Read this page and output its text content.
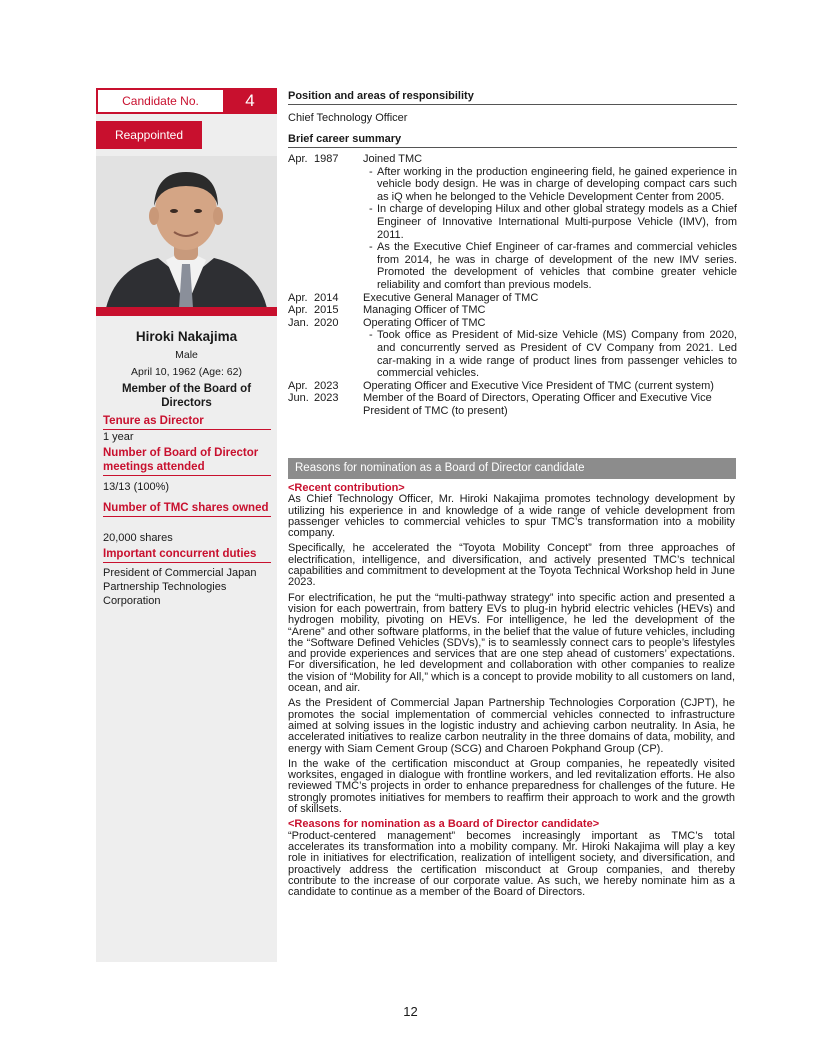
Candidate No.	4
Reappointed
Hiroki Nakajima
Male
April 10, 1962 (Age: 62)
Member of the Board of Directors
Tenure as Director
1 year
Number of Board of Director meetings attended
13/13 (100%)
Number of TMC shares owned
20,000 shares
Important concurrent duties
President of Commercial Japan Partnership Technologies Corporation
Position and areas of responsibility
Chief Technology Officer
Brief career summary
Apr. 1987 Joined TMC
- After working in the production engineering field, he gained experience in vehicle body design. He was in charge of developing compact cars such as iQ when he belonged to the Vehicle Development Center from 2005.
- In charge of developing Hilux and other global strategy models as a Chief Engineer of Innovative International Multi-purpose Vehicle (IMV), from 2011.
- As the Executive Chief Engineer of car-frames and commercial vehicles from 2014, he was in charge of development of the new IMV series. Promoted the development of vehicles that combine greater vehicle reliability and comfort than previous models.
Apr. 2014 Executive General Manager of TMC
Apr. 2015 Managing Officer of TMC
Jan. 2020 Operating Officer of TMC
- Took office as President of Mid-size Vehicle (MS) Company from 2020, and concurrently served as President of CV Company from 2021. Led car-making in a wide range of product lines from passenger vehicles to commercial vehicles.
Apr. 2023 Operating Officer and Executive Vice President of TMC (current system)
Jun. 2023 Member of the Board of Directors, Operating Officer and Executive Vice President of TMC (to present)
Reasons for nomination as a Board of Director candidate
<Recent contribution>

As Chief Technology Officer, Mr. Hiroki Nakajima promotes technology development by utilizing his experience in and knowledge of a wide range of vehicle development from passenger vehicles to commercial vehicles to spur TMC’s transformation into a mobility company.

Specifically, he accelerated the “Toyota Mobility Concept” from three approaches of electrification, intelligence, and diversification, and actively presented TMC’s technical capabilities and commitment to development at the Toyota Technical Workshop held in June 2023.

For electrification, he put the “multi-pathway strategy” into specific action and presented a vision for each powertrain, from battery EVs to plug-in hybrid electric vehicles (HEVs) and hydrogen mobility, pivoting on HEVs. For intelligence, he led the development of the “Arene” and other software platforms, in the belief that the value of future vehicles, including the “Software Defined Vehicles (SDVs),” is to seamlessly connect cars to people’s lifestyles and provide experiences and services that are one step ahead of customers’ expectations. For diversification, he led development and collaboration with other companies to realize the vision of “Mobility for All,” which is a concept to provide mobility to all customers on land, ocean, and air.

As the President of Commercial Japan Partnership Technologies Corporation (CJPT), he promotes the social implementation of commercial vehicles connected to infrastructure aimed at solving issues in the logistic industry and achieving carbon neutrality. In Asia, he accelerated initiatives to realize carbon neutrality in the three domains of data, mobility, and energy with Siam Cement Group (SCG) and Charoen Pokphand Group (CP).

In the wake of the certification misconduct at Group companies, he repeatedly visited worksites, engaged in dialogue with frontline workers, and led revitalization efforts. He also reviewed TMC’s projects in order to enhance preparedness for challenges of the future. He strongly promotes initiatives for members to reaffirm their approach to work and the growth of skillsets.

<Reasons for nomination as a Board of Director candidate>

“Product-centered management” becomes increasingly important as TMC’s total accelerates its transformation into a mobility company. Mr. Hiroki Nakajima will play a key role in initiatives for electrification, realization of intelligent society, and diversification, and proactively address the certification misconduct at Group companies, and thereby contribute to the increase of our corporate value. As such, we hereby nominate him as a candidate to continue as a member of the Board of Directors.

12
